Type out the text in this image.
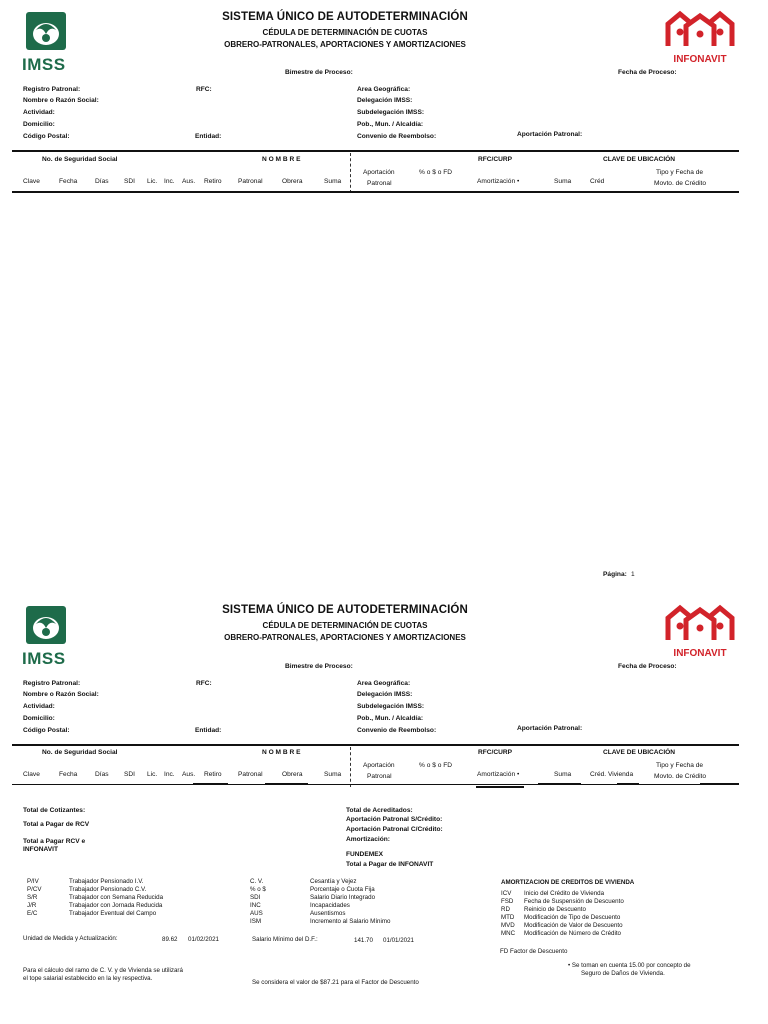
IMSS
SISTEMA ÚNICO DE AUTODETERMINACIÓN
CÉDULA DE DETERMINACIÓN DE CUOTAS
OBRERO-PATRONALES, APORTACIONES Y AMORTIZACIONES
INFONAVIT
Bimestre de Proceso:	Fecha de Proceso:
Registro Patronal:	RFC:
Nombre o Razón Social:
Actividad:
Domicilio:
Código Postal:	Entidad:
Area Geográfica:
Delegación IMSS:
Subdelegación IMSS:
Pob., Mun. / Alcaldía:
Convenio de Reembolso:	Aportación Patronal:
No. de Seguridad Social	N O M B R E	RFC/CURP	CLAVE DE UBICACIÓN
Clave	Fecha	Días SDI Lic. Inc. Aus. Retiro Patronal	Obrera	Suma
Aportación
Patronal
% o $ o FD
Amortización •	Suma	Créd
Tipo y Fecha de
Movto. de Crédito
Página: 1
IMSS
SISTEMA ÚNICO DE AUTODETERMINACIÓN
CÉDULA DE DETERMINACIÓN DE CUOTAS
OBRERO-PATRONALES, APORTACIONES Y AMORTIZACIONES
INFONAVIT
Bimestre de Proceso:	Fecha de Proceso:
Registro Patronal:	RFC:
Nombre o Razón Social:
Actividad:
Domicilio:
Código Postal:	Entidad:
Area Geográfica:
Delegación IMSS:
Subdelegación IMSS:
Pob., Mun. / Alcaldía:
Convenio de Reembolso:	Aportación Patronal:
No. de Seguridad Social	N O M B R E	RFC/CURP	CLAVE DE UBICACIÓN
Clave	Fecha	Días SDI Lic. Inc. Aus. Retiro Patronal	Obrera	Suma
Aportación
Patronal
% o $ o FD
Amortización •	Suma	Créd. Vivienda
Tipo y Fecha de
Movto. de Crédito
Total de Cotizantes:
Total a Pagar de RCV
Total a Pagar RCV e
INFONAVIT
Total de Acreditados:
Aportación Patronal S/Crédito:
Aportación Patronal C/Crédito:
Amortización:
FUNDEMEX
Total a Pagar de INFONAVIT
P/IV	Trabajador Pensionado I.V.
P/CV	Trabajador Pensionado C.V.
S/R	Trabajador con Semana Reducida
J/R	Trabajador con Jornada Reducida
E/C	Trabajador Eventual del Campo
C. V.	Cesantía y Vejez
% o $	Porcentaje o Cuota Fija
SDI	Salario Diario Integrado
INC	Incapacidades
AUS	Ausentismos
ISM	Incremento al Salario Mínimo
AMORTIZACION DE CREDITOS DE VIVIENDA
ICV Inicio del Crédito de Vivienda
FSD Fecha de Suspensión de Descuento
RD Reinicio de Descuento
MTD Modificación de Tipo de Descuento
MVD Modificación de Valor de Descuento
MNC Modificación de Número de Crédito
Unidad de Medida y Actualización:	89.62 01/02/2021	Salario Mínimo del D.F.:	141.70 01/01/2021
FD Factor de Descuento
Para el cálculo del ramo de C. V. y de Vivienda se utilizará
el tope salarial establecido en la ley respectiva.
Se considera el valor de $87.21 para el Factor de Descuento
• Se toman en cuenta 15.00 por concepto de
Seguro de Daños de Vivienda.
